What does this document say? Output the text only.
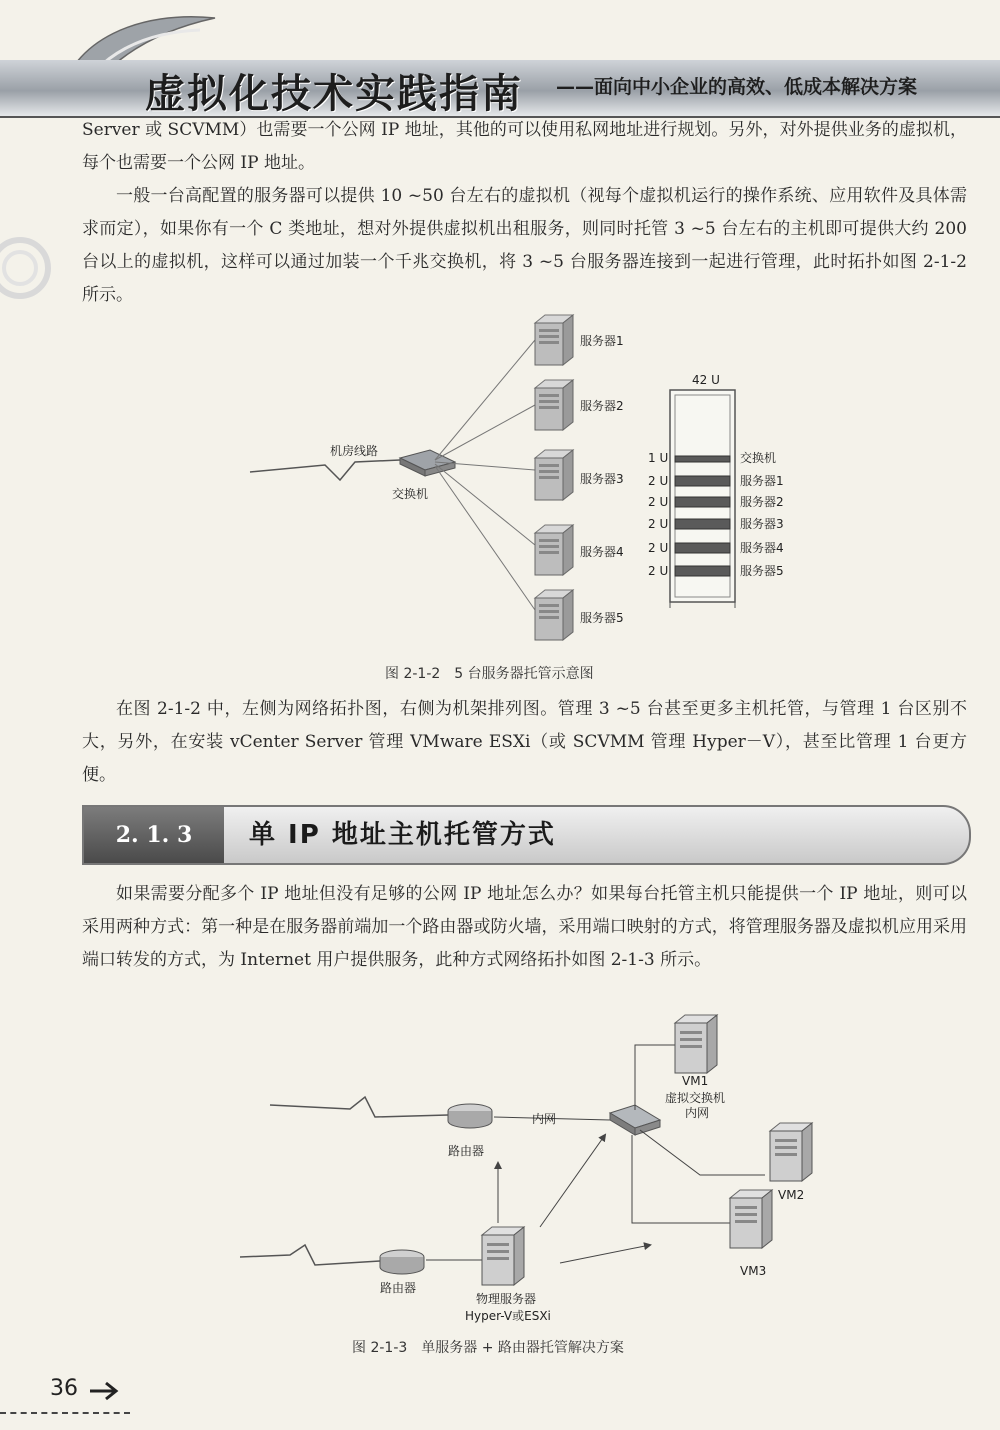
虚拟化技术实践指南 ——面向中小企业的高效、低成本解决方案
Server 或 SCVMM）也需要一个公网 IP 地址，其他的可以使用私网地址进行规划。另外，对外提供业务的虚拟机，每个也需要一个公网 IP 地址。
一般一台高配置的服务器可以提供 10 ~50 台左右的虚拟机（视每个虚拟机运行的操作系统、应用软件及具体需求而定），如果你有一个 C 类地址，想对外提供虚拟机出租服务，则同时托管 3 ~5 台左右的主机即可提供大约 200 台以上的虚拟机，这样可以通过加装一个千兆交换机，将 3 ~5 台服务器连接到一起进行管理，此时拓扑如图 2-1-2 所示。
机房线路
交换机
服务器1
服务器2
服务器3
服务器4
服务器5
42 U
1 U
2 U
2 U
2 U
2 U
2 U
交换机
服务器1
服务器2
服务器3
服务器4
服务器5
图 2-1-2　5 台服务器托管示意图
在图 2-1-2 中，左侧为网络拓扑图，右侧为机架排列图。管理 3 ~5 台甚至更多主机托管，与管理 1 台区别不大，另外，在安装 vCenter Server 管理 VMware ESXi（或 SCVMM 管理 Hyper－V），甚至比管理 1 台更方便。
2. 1. 3	单 IP 地址主机托管方式
如果需要分配多个 IP 地址但没有足够的公网 IP 地址怎么办？如果每台托管主机只能提供一个 IP 地址，则可以采用两种方式：第一种是在服务器前端加一个路由器或防火墙，采用端口映射的方式，将管理服务器及虚拟机应用采用端口转发的方式，为 Internet 用户提供服务，此种方式网络拓扑如图 2-1-3 所示。
路由器
内网
虚拟交换机
内网
VM1
VM2
VM3
路由器
物理服务器
Hyper-V或ESXi
图 2-1-3　单服务器 + 路由器托管解决方案
36
